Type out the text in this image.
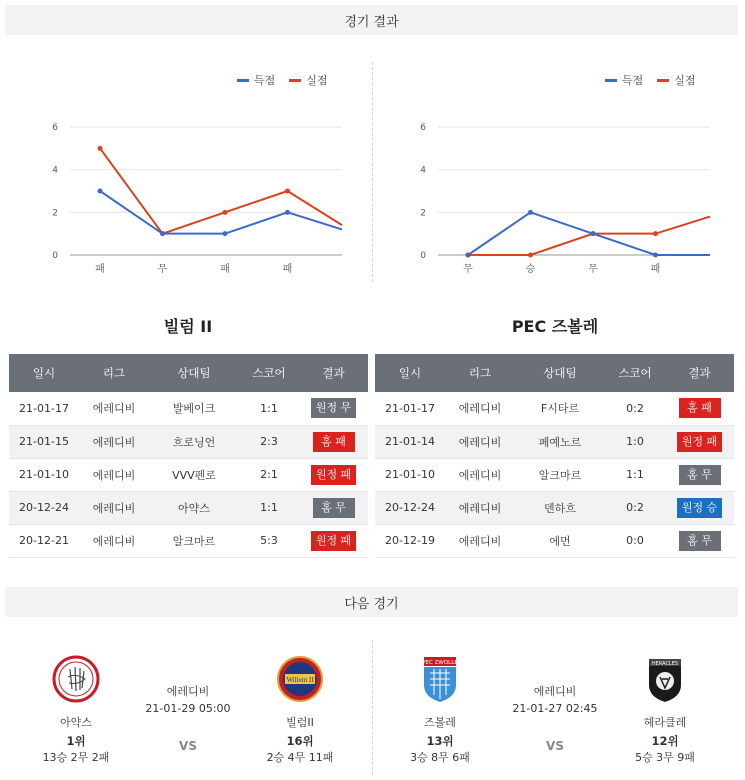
경기 결과
득점	실점
0
2
4
6
패	무	패	패
득점	실점
0
2
4
6
무	승	무	패
빌럼 II	PEC 즈볼레
일시	리그	상대팀	스코어	결과
21-01-17	에레디비	발베이크	1:1	원정 무
21-01-15	에레디비	흐로닝언	2:3	홈 패
21-01-10	에레디비	VVV펜로	2:1	원정 패
20-12-24	에레디비	아약스	1:1	홈 무
20-12-21	에레디비	알크마르	5:3	원정 패
일시	리그	상대팀	스코어	결과
21-01-17	에레디비	F시타르	0:2	홈 패
21-01-14	에레디비	페예노르	1:0	원정 패
21-01-10	에레디비	알크마르	1:1	홈 무
20-12-24	에레디비	덴하흐	0:2	원정 승
20-12-19	에레디비	에먼	0:0	홈 무
다음 경기
아약스
1위
13승 2무 2패
에레디비
21-01-29 05:00
VS
Willem II
빌럼II
16위
2승 4무 11패
PEC ZWOLLE
즈볼레
13위
3승 8무 6패
에레디비
21-01-27 02:45
VS
HERACLES
헤라클레
12위
5승 3무 9패
